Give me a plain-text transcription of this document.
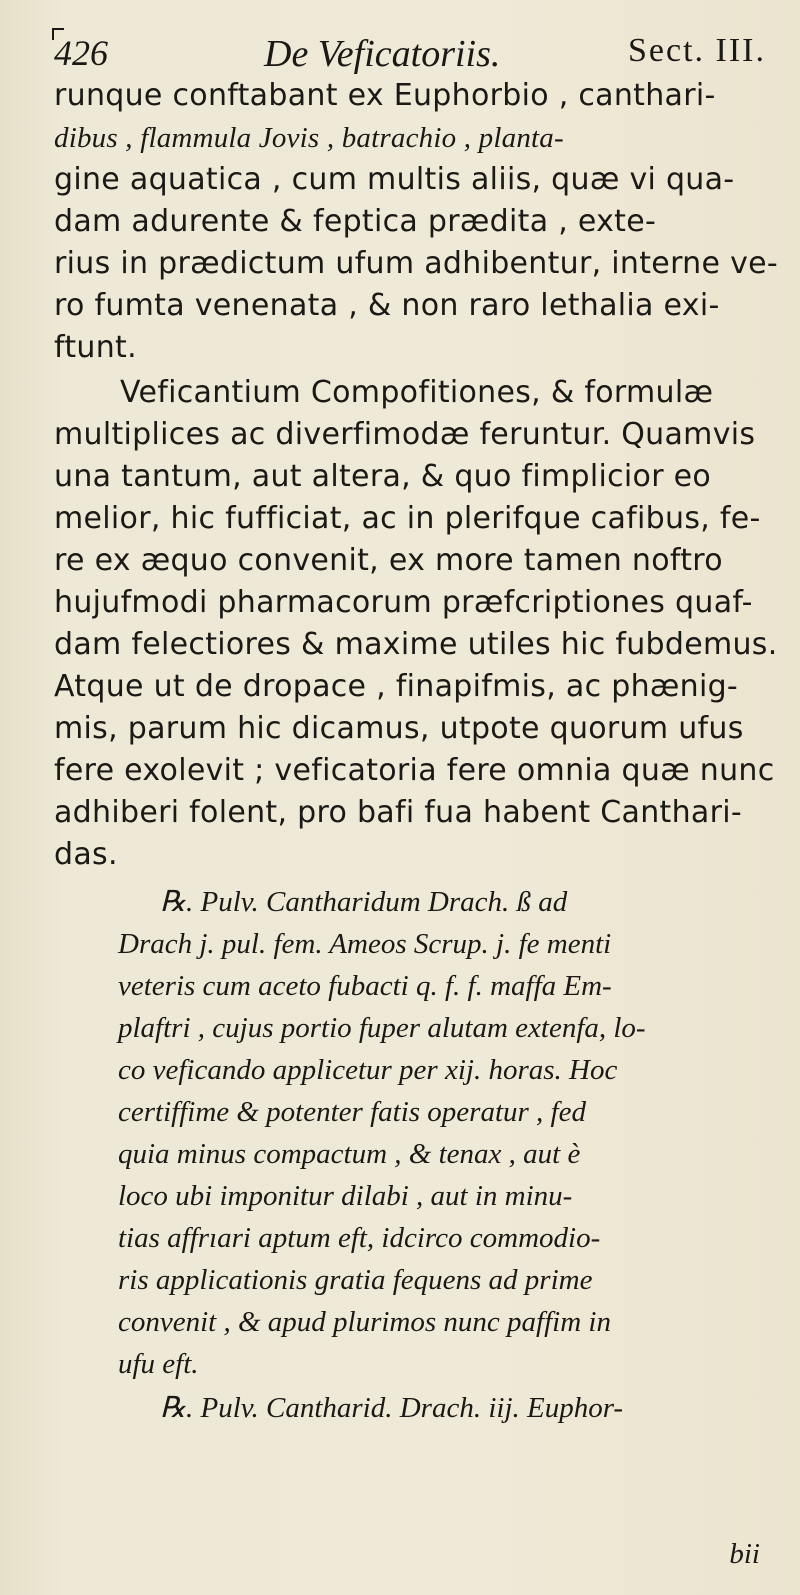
426	De Veficatoriis.	Sect. III.
runque conftabant ex Euphorbio , canthari-
dibus , flammula Jovis , batrachio , planta-
gine aquatica , cum multis aliis, quæ vi qua-
dam adurente & feptica prædita , exte-
rius in prædictum ufum adhibentur, interne ve-
ro fumta venenata , & non raro lethalia exi-
ftunt.
Veficantium Compofitiones, & formulæ
multiplices ac diverfimodæ feruntur. Quamvis
una tantum, aut altera, & quo fimplicior eo
melior, hic fufficiat, ac in plerifque cafibus, fe-
re ex æquo convenit, ex more tamen noftro
hujufmodi pharmacorum præfcriptiones quaf-
dam felectiores & maxime utiles hic fubdemus.
Atque ut de dropace , finapifmis, ac phænig-
mis, parum hic dicamus, utpote quorum ufus
fere exolevit ; veficatoria fere omnia quæ nunc
adhiberi folent, pro bafi fua habent Canthari-
das.
℞. Pulv. Cantharidum Drach. ß ad
Drach j. pul. fem. Ameos Scrup. j. fe menti
veteris cum aceto fubacti q. f. f. maffa Em-
plaftri , cujus portio fuper alutam extenfa, lo-
co veficando applicetur per xij. horas. Hoc
certiffime & potenter fatis operatur , fed
quia minus compactum , & tenax , aut è
loco ubi imponitur dilabi , aut in minu-
tias affrıari aptum eft, idcirco commodio-
ris applicationis gratia fequens ad prime
convenit , & apud plurimos nunc paffim in
ufu eft.
℞. Pulv. Cantharid. Drach. iij. Euphor-
bii
